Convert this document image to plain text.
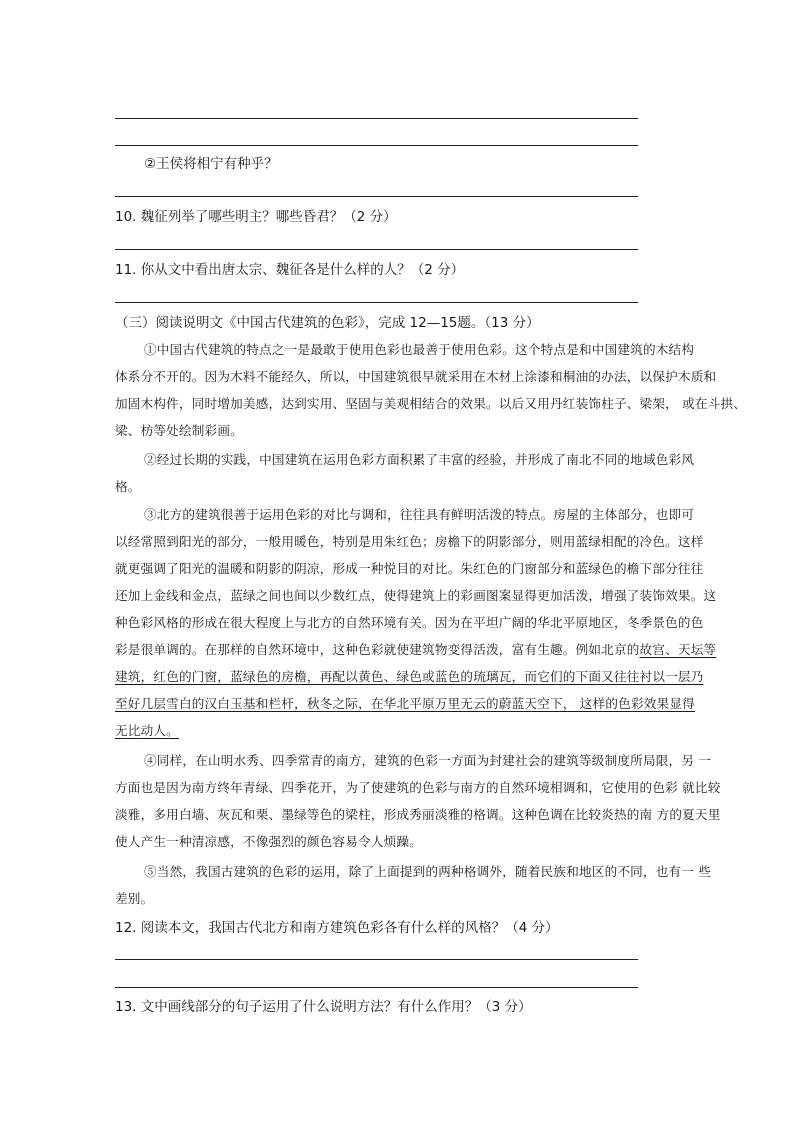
②王侯将相宁有种乎？
10. 魏征列举了哪些明主？哪些昏君？（2 分）
11. 你从文中看出唐太宗、魏征各是什么样的人？（2 分）
（三）阅读说明文《中国古代建筑的色彩》，完成 12—15题。（13 分）
①中国古代建筑的特点之一是最敢于使用色彩也最善于使用色彩。这个特点是和中国建筑的木结构
体系分不开的。因为木料不能经久，所以，中国建筑很早就采用在木材上涂漆和桐油的办法，以保护木质和
加固木构件，同时增加美感，达到实用、坚固与美观相结合的效果。以后又用丹红装饰柱子、梁架， 或在斗拱、
梁、枋等处绘制彩画。
②经过长期的实践，中国建筑在运用色彩方面积累了丰富的经验，并形成了南北不同的地域色彩风
格。
③北方的建筑很善于运用色彩的对比与调和，往往具有鲜明活泼的特点。房屋的主体部分，也即可
以经常照到阳光的部分，一般用暖色，特别是用朱红色；房檐下的阴影部分，则用蓝绿相配的冷色。这样
就更强调了阳光的温暖和阴影的阴凉，形成一种悦目的对比。朱红色的门窗部分和蓝绿色的檐下部分往往
还加上金线和金点，蓝绿之间也间以少数红点，使得建筑上的彩画图案显得更加活泼，增强了装饰效果。这
种色彩风格的形成在很大程度上与北方的自然环境有关。因为在平坦广阔的华北平原地区，冬季景色的色
彩是很单调的。在那样的自然环境中，这种色彩就使建筑物变得活泼，富有生趣。例如北京的故宫、天坛等
建筑，红色的门窗，蓝绿色的房檐，再配以黄色、绿色或蓝色的琉璃瓦，而它们的下面又往往衬以一层乃
至好几层雪白的汉白玉基和栏杆，秋冬之际，在华北平原万里无云的蔚蓝天空下， 这样的色彩效果显得
无比动人。
④同样，在山明水秀、四季常青的南方，建筑的色彩一方面为封建社会的建筑等级制度所局限，另 一
方面也是因为南方终年青绿、四季花开，为了使建筑的色彩与南方的自然环境相调和，它使用的色彩 就比较
淡雅，多用白墙、灰瓦和栗、墨绿等色的梁柱，形成秀丽淡雅的格调。这种色调在比较炎热的南 方的夏天里
使人产生一种清凉感，不像强烈的颜色容易令人烦躁。
⑤当然，我国古建筑的色彩的运用，除了上面提到的两种格调外，随着民族和地区的不同，也有一 些
差别。
12. 阅读本文，我国古代北方和南方建筑色彩各有什么样的风格？（4 分）
13. 文中画线部分的句子运用了什么说明方法？有什么作用？（3 分）
